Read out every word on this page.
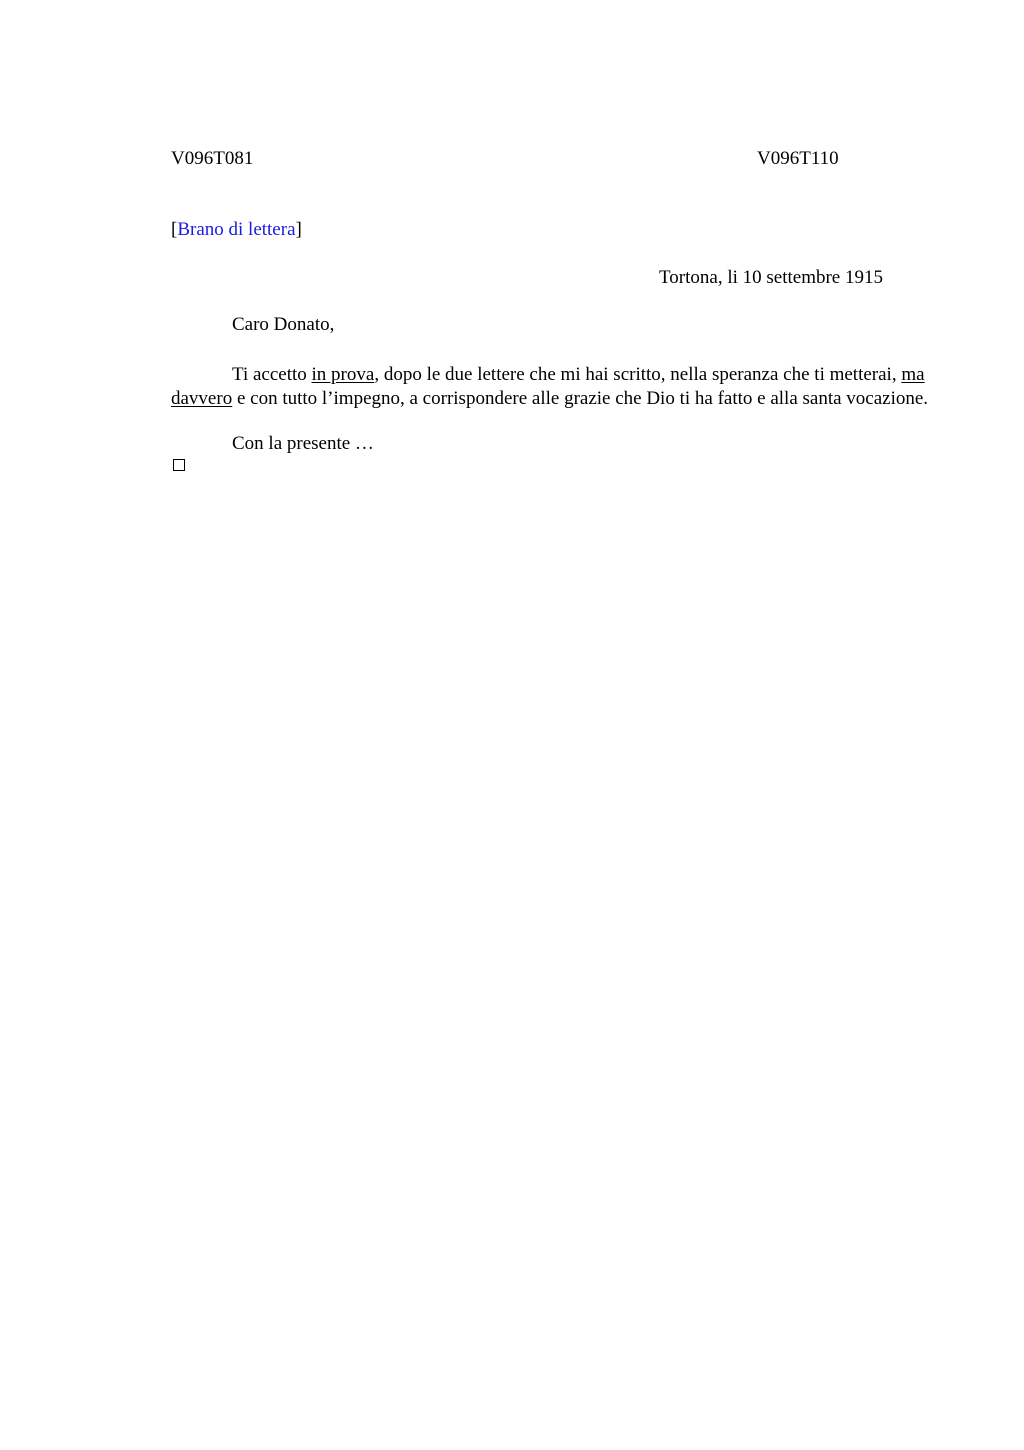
V096T081	V096T110
[Brano di lettera]
Tortona, li 10 settembre 1915
Caro Donato,

Ti accetto in prova, dopo le due lettere che mi hai scritto, nella speranza che ti metterai, ma davvero e con tutto l’impegno, a corrispondere alle grazie che Dio ti ha fatto e alla santa vocazione.

Con la presente …
